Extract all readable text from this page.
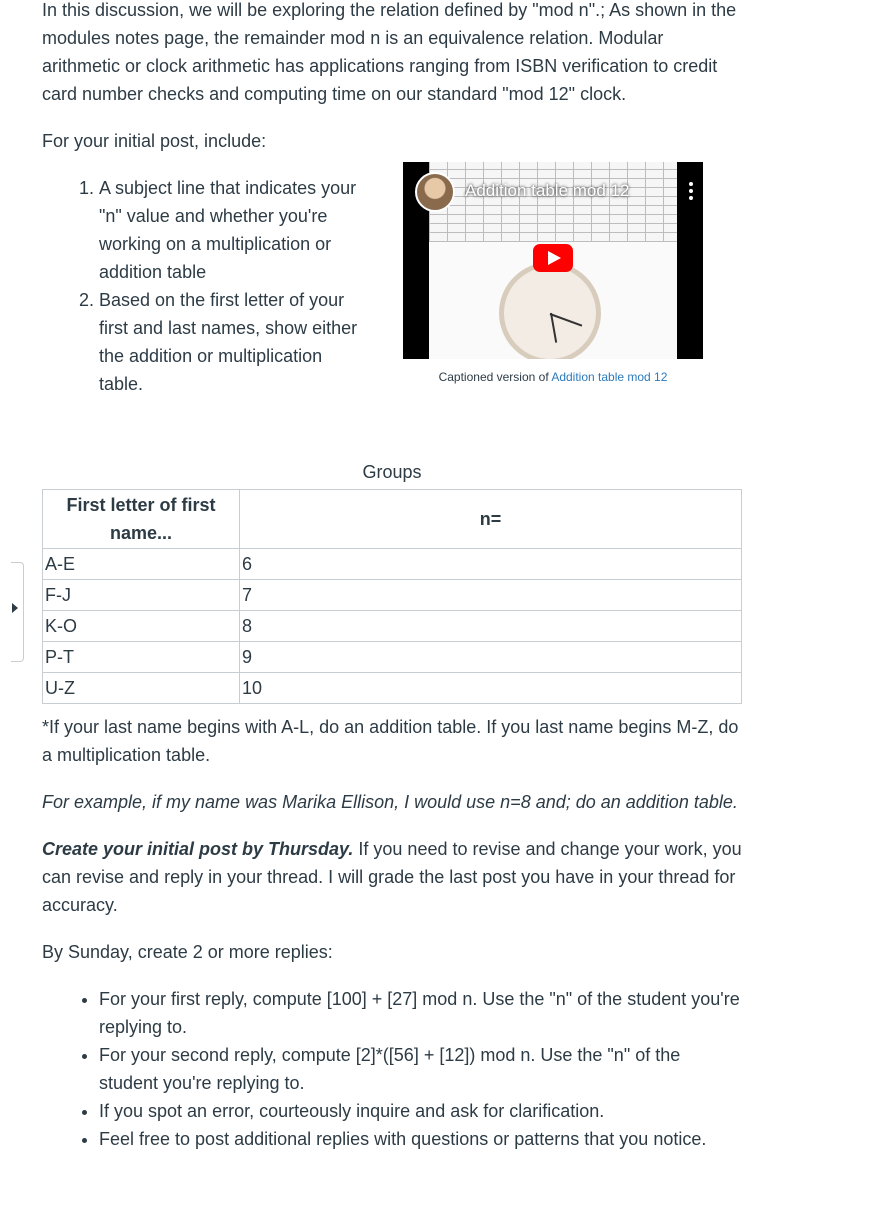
In this discussion, we will be exploring the relation defined by "mod n".; As shown in the modules notes page, the remainder mod n is an equivalence relation. Modular arithmetic or clock arithmetic has applications ranging from ISBN verification to credit card number checks and computing time on our standard "mod 12" clock.

For your initial post, include:

1. A subject line that indicates your "n" value and whether you're working on a multiplication or addition table
2. Based on the first letter of your first and last names, show either the addition or multiplication table.
Addition table mod 12
Captioned version of Addition table mod 12
Groups
First letter of first name...	n=
A-E	6
F-J	7
K-O	8
P-T	9
U-Z	10

*If your last name begins with A-L, do an addition table. If you last name begins M-Z, do a multiplication table.

For example, if my name was Marika Ellison, I would use n=8 and; do an addition table.

Create your initial post by Thursday. If you need to revise and change your work, you can revise and reply in your thread. I will grade the last post you have in your thread for accuracy.

By Sunday, create 2 or more replies:

• For your first reply, compute [100] + [27] mod n. Use the "n" of the student you're replying to.
• For your second reply, compute [2]*([56] + [12]) mod n. Use the "n" of the student you're replying to.
• If you spot an error, courteously inquire and ask for clarification.
• Feel free to post additional replies with questions or patterns that you notice.
